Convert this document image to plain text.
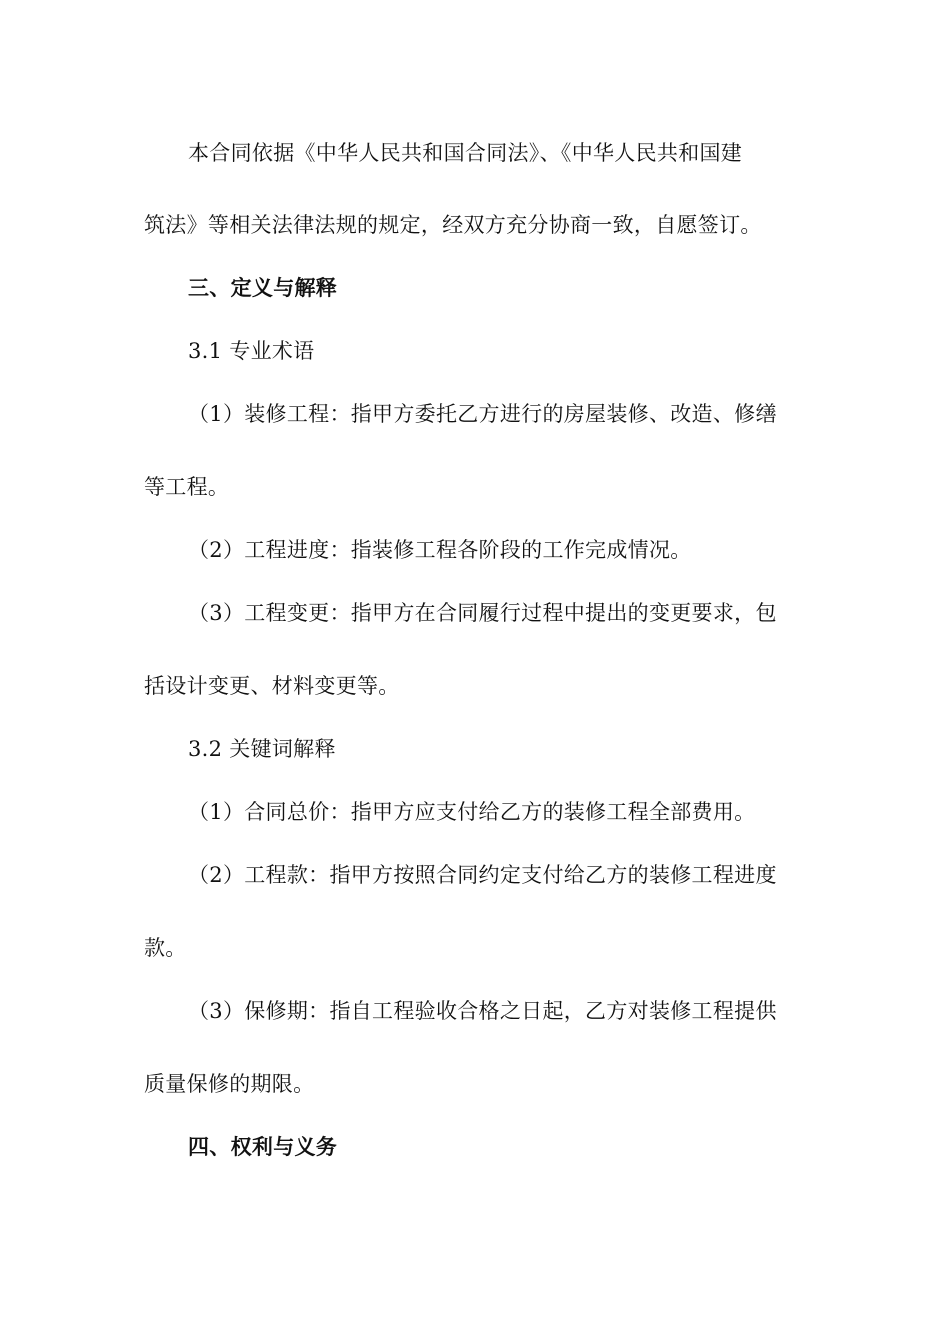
本合同依据《中华人民共和国合同法》、《中华人民共和国建
筑法》等相关法律法规的规定，经双方充分协商一致，自愿签订。
三、定义与解释
3.1 专业术语
（1）装修工程：指甲方委托乙方进行的房屋装修、改造、修缮
等工程。
（2）工程进度：指装修工程各阶段的工作完成情况。
（3）工程变更：指甲方在合同履行过程中提出的变更要求，包
括设计变更、材料变更等。
3.2 关键词解释
（1）合同总价：指甲方应支付给乙方的装修工程全部费用。
（2）工程款：指甲方按照合同约定支付给乙方的装修工程进度
款。
（3）保修期：指自工程验收合格之日起，乙方对装修工程提供
质量保修的期限。
四、权利与义务
